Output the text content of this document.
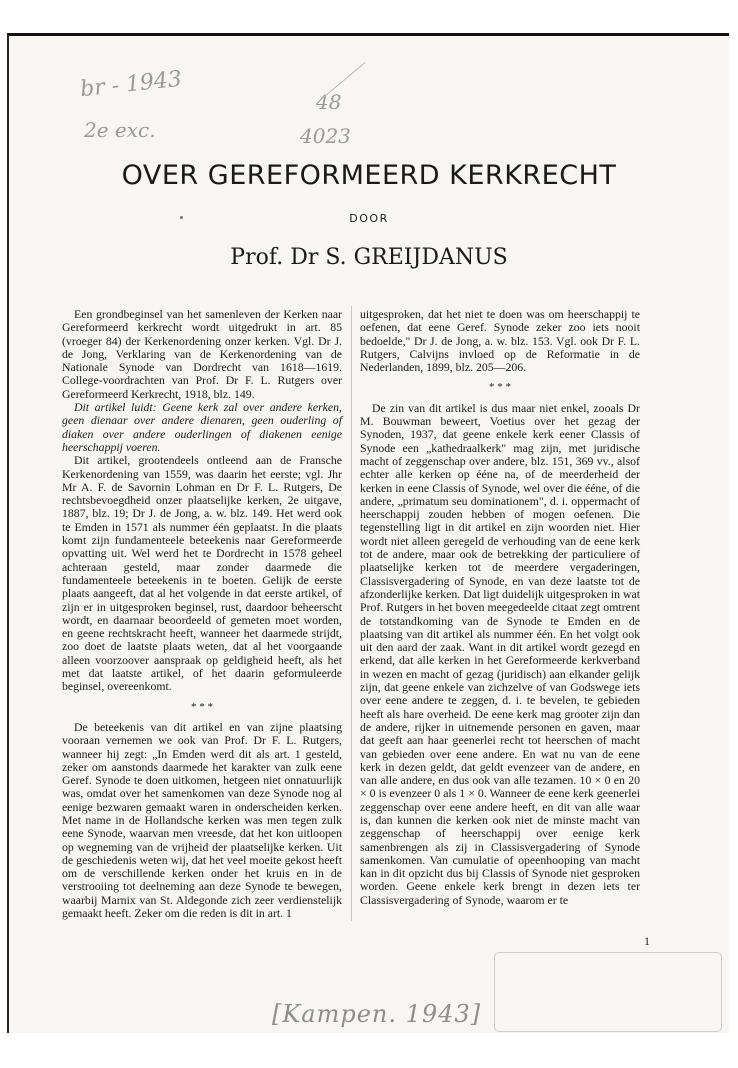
br - 1943	48
2e exc.	4023
OVER GEREFORMEERD KERKRECHT
DOOR
Prof. Dr S. GREIJDANUS

Een grondbeginsel van het samenleven der Kerken naar Gereformeerd kerkrecht wordt uitgedrukt in art. 85 (vroeger 84) der Kerkenordening onzer kerken. Vgl. Dr J. de Jong, Verklaring van de Kerkenordening van de Nationale Synode van Dordrecht van 1618—1619. College-voordrachten van Prof. Dr F. L. Rutgers over Gereformeerd Kerkrecht, 1918, blz. 149.

Dit artikel luidt: Geene kerk zal over andere kerken, geen dienaar over andere dienaren, geen ouderling of diaken over andere ouderlingen of diakenen eenige heerschappij voeren.

Dit artikel, grootendeels ontleend aan de Fransche Kerkenordening van 1559, was daarin het eerste; vgl. Jhr Mr A. F. de Savornin Lohman en Dr F. L. Rutgers, De rechtsbevoegdheid onzer plaatselijke kerken, 2e uitgave, 1887, blz. 19; Dr J. de Jong, a. w. blz. 149. Het werd ook te Emden in 1571 als nummer één geplaatst. In die plaats komt zijn fundamenteele beteekenis naar Gereformeerde opvatting uit. Wel werd het te Dordrecht in 1578 geheel achteraan gesteld, maar zonder daarmede die fundamenteele beteekenis in te boeten. Gelijk de eerste plaats aangeeft, dat al het volgende in dat eerste artikel, of zijn er in uitgesproken beginsel, rust, daardoor beheerscht wordt, en daarnaar beoordeeld of gemeten moet worden, en geene rechtskracht heeft, wanneer het daarmede strijdt, zoo doet de laatste plaats weten, dat al het voorgaande alleen voorzoover aanspraak op geldigheid heeft, als het met dat laatste artikel, of het daarin geformuleerde beginsel, overeenkomt.

* * *

De beteekenis van dit artikel en van zijne plaatsing vooraan vernemen we ook van Prof. Dr F. L. Rutgers, wanneer hij zegt: „In Emden werd dit als art. 1 gesteld, zeker om aanstonds daarmede het karakter van zulk eene Geref. Synode te doen uitkomen, hetgeen niet onnatuurlijk was, omdat over het samenkomen van deze Synode nog al eenige bezwaren gemaakt waren in onderscheiden kerken. Met name in de Hollandsche kerken was men tegen zulk eene Synode, waarvan men vreesde, dat het kon uitloopen op wegneming van de vrijheid der plaatselijke kerken. Uit de geschiedenis weten wij, dat het veel moeite gekost heeft om de verschillende kerken onder het kruis en in de verstrooiing tot deelneming aan deze Synode te bewegen, waarbij Marnix van St. Aldegonde zich zeer verdienstelijk gemaakt heeft. Zeker om die reden is dit in art. 1

uitgesproken, dat het niet te doen was om heerschappij te oefenen, dat eene Geref. Synode zeker zoo iets nooit bedoelde," Dr J. de Jong, a. w. blz. 153. Vgl. ook Dr F. L. Rutgers, Calvijns invloed op de Reformatie in de Nederlanden, 1899, blz. 205—206.

* * *

De zin van dit artikel is dus maar niet enkel, zooals Dr M. Bouwman beweert, Voetius over het gezag der Synoden, 1937, dat geene enkele kerk eener Classis of Synode een „kathedraalkerk" mag zijn, met juridische macht of zeggenschap over andere, blz. 151, 369 vv., alsof echter alle kerken op ééne na, of de meerderheid der kerken in eene Classis of Synode, wel over die ééne, of die andere, „primatum seu dominationem", d. i. oppermacht of heerschappij zouden hebben of mogen oefenen. Die tegenstelling ligt in dit artikel en zijn woorden niet. Hier wordt niet alleen geregeld de verhouding van de eene kerk tot de andere, maar ook de betrekking der particuliere of plaatselijke kerken tot de meerdere vergaderingen, Classisvergadering of Synode, en van deze laatste tot de afzonderlijke kerken. Dat ligt duidelijk uitgesproken in wat Prof. Rutgers in het boven meegedeelde citaat zegt omtrent de totstandkoming van de Synode te Emden en de plaatsing van dit artikel als nummer één. En het volgt ook uit den aard der zaak. Want in dit artikel wordt gezegd en erkend, dat alle kerken in het Gereformeerde kerkverband in wezen en macht of gezag (juridisch) aan elkander gelijk zijn, dat geene enkele van zichzelve of van Godswege iets over eene andere te zeggen, d. i. te bevelen, te gebieden heeft als hare overheid. De eene kerk mag grooter zijn dan de andere, rijker in uitnemende personen en gaven, maar dat geeft aan haar geenerlei recht tot heerschen of macht van gebieden over eene andere. En wat nu van de eene kerk in dezen geldt, dat geldt evenzeer van de andere, en van alle andere, en dus ook van alle tezamen. 10 × 0 en 20 × 0 is evenzeer 0 als 1 × 0. Wanneer de eene kerk geenerlei zeggenschap over eene andere heeft, en dit van alle waar is, dan kunnen die kerken ook niet de minste macht van zeggenschap of heerschappij over eenige kerk samenbrengen als zij in Classisvergadering of Synode samenkomen. Van cumulatie of opeenhooping van macht kan in dit opzicht dus bij Classis of Synode niet gesproken worden. Geene enkele kerk brengt in dezen iets ter Classisvergadering of Synode, waarom er te

1
[Kampen. 1943]
